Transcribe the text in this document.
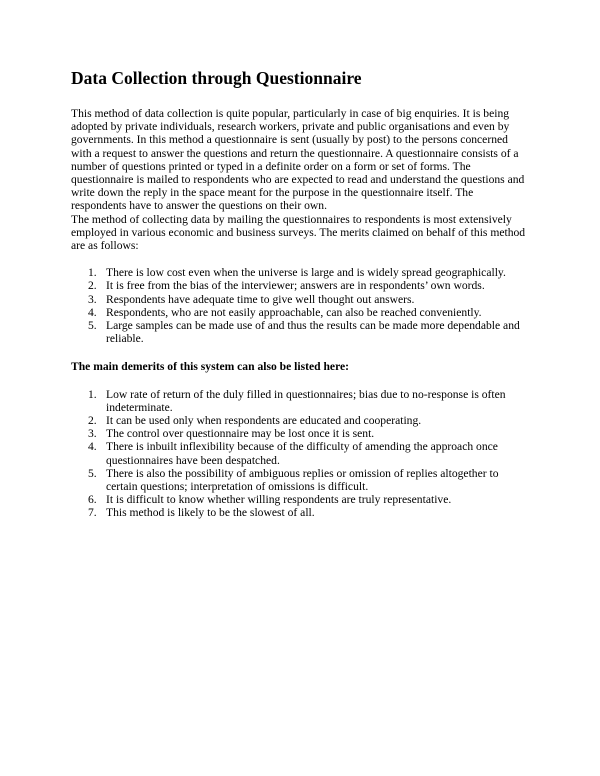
Data Collection through Questionnaire

This method of data collection is quite popular, particularly in case of big enquiries. It is being adopted by private individuals, research workers, private and public organisations and even by governments. In this method a questionnaire is sent (usually by post) to the persons concerned with a request to answer the questions and return the questionnaire. A questionnaire consists of a number of questions printed or typed in a definite order on a form or set of forms. The questionnaire is mailed to respondents who are expected to read and understand the questions and write down the reply in the space meant for the purpose in the questionnaire itself. The respondents have to answer the questions on their own.

The method of collecting data by mailing the questionnaires to respondents is most extensively employed in various economic and business surveys. The merits claimed on behalf of this method are as follows:

1. There is low cost even when the universe is large and is widely spread geographically.
2. It is free from the bias of the interviewer; answers are in respondents’ own words.
3. Respondents have adequate time to give well thought out answers.
4. Respondents, who are not easily approachable, can also be reached conveniently.
5. Large samples can be made use of and thus the results can be made more dependable and reliable.

The main demerits of this system can also be listed here:

1. Low rate of return of the duly filled in questionnaires; bias due to no-response is often indeterminate.
2. It can be used only when respondents are educated and cooperating.
3. The control over questionnaire may be lost once it is sent.
4. There is inbuilt inflexibility because of the difficulty of amending the approach once questionnaires have been despatched.
5. There is also the possibility of ambiguous replies or omission of replies altogether to certain questions; interpretation of omissions is difficult.
6. It is difficult to know whether willing respondents are truly representative.
7. This method is likely to be the slowest of all.
